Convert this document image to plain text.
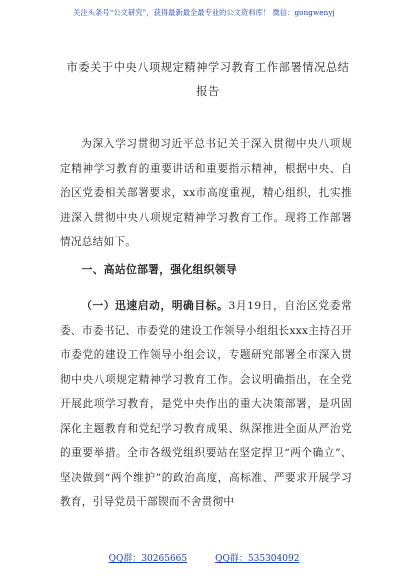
关注头条号“公文研究”，获得最新最全最专业的公文资料库！ 微信：gongwenyj
市委关于中央八项规定精神学习教育工作部署情况总结报告
为深入学习贯彻习近平总书记关于深入贯彻中央八项规定精神学习教育的重要讲话和重要指示精神，根据中央、自治区党委相关部署要求，xx市高度重视，精心组织，扎实推进深入贯彻中央八项规定精神学习教育工作。现将工作部署情况总结如下。
一、高站位部署，强化组织领导
（一）迅速启动，明确目标。3月19日，自治区党委常委、市委书记、市委党的建设工作领导小组组长xxx主持召开市委党的建设工作领导小组会议，专题研究部署全市深入贯彻中央八项规定精神学习教育工作。会议明确指出，在全党开展此项学习教育，是党中央作出的重大决策部署，是巩固深化主题教育和党纪学习教育成果、纵深推进全面从严治党的重要举措。全市各级党组织要站在坚定捍卫“两个确立”、坚决做到“两个维护”的政治高度，高标准、严要求开展学习教育，引导党员干部锲而不舍贯彻中
QQ群：30265665	QQ群：535304092
